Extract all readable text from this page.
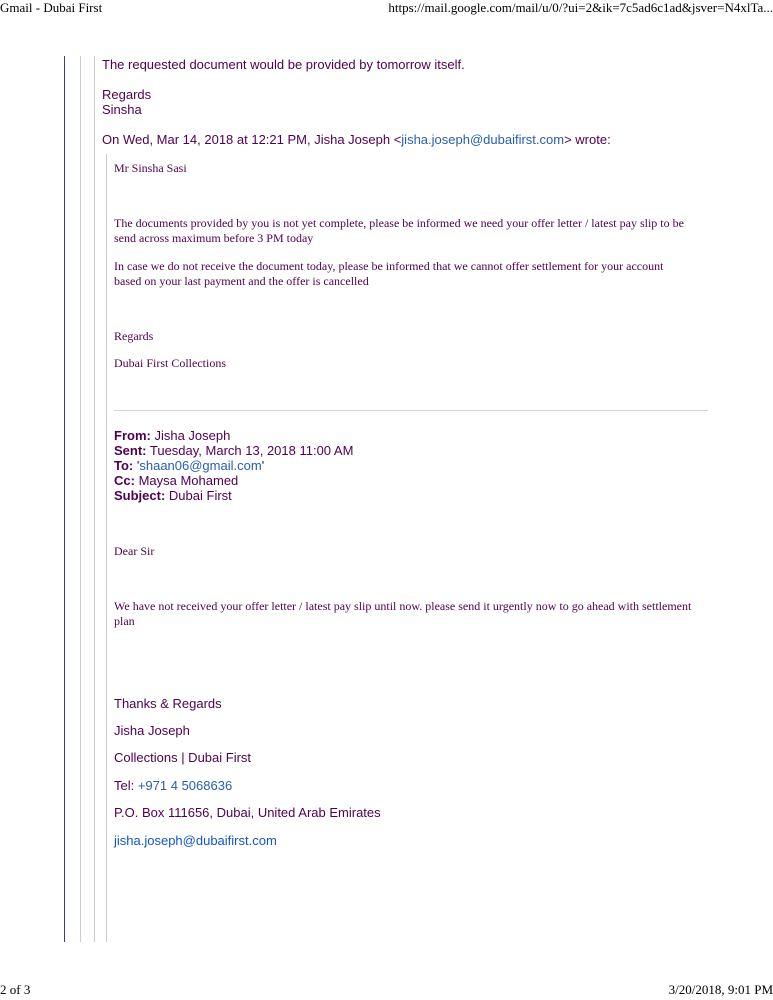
Gmail - Dubai First	https://mail.google.com/mail/u/0/?ui=2&ik=7c5ad6c1ad&jsver=N4xlTa...
The requested document would be provided by tomorrow itself.
Regards
Sinsha
On Wed, Mar 14, 2018 at 12:21 PM, Jisha Joseph <jisha.joseph@dubaifirst.com> wrote:
Mr Sinsha Sasi
The documents provided by you is not yet complete, please be informed we need your offer letter / latest pay slip to be
send across maximum before 3 PM today
In case we do not receive the document today, please be informed that we cannot offer settlement for your account
based on your last payment and the offer is cancelled
Regards
Dubai First Collections
From: Jisha Joseph
Sent: Tuesday, March 13, 2018 11:00 AM
To: 'shaan06@gmail.com'
Cc: Maysa Mohamed
Subject: Dubai First
Dear Sir
We have not received your offer letter / latest pay slip until now. please send it urgently now to go ahead with settlement
plan
Thanks & Regards
Jisha Joseph
Collections | Dubai First
Tel: +971 4 5068636
P.O. Box 111656, Dubai, United Arab Emirates
jisha.joseph@dubaifirst.com
2 of 3	3/20/2018, 9:01 PM
